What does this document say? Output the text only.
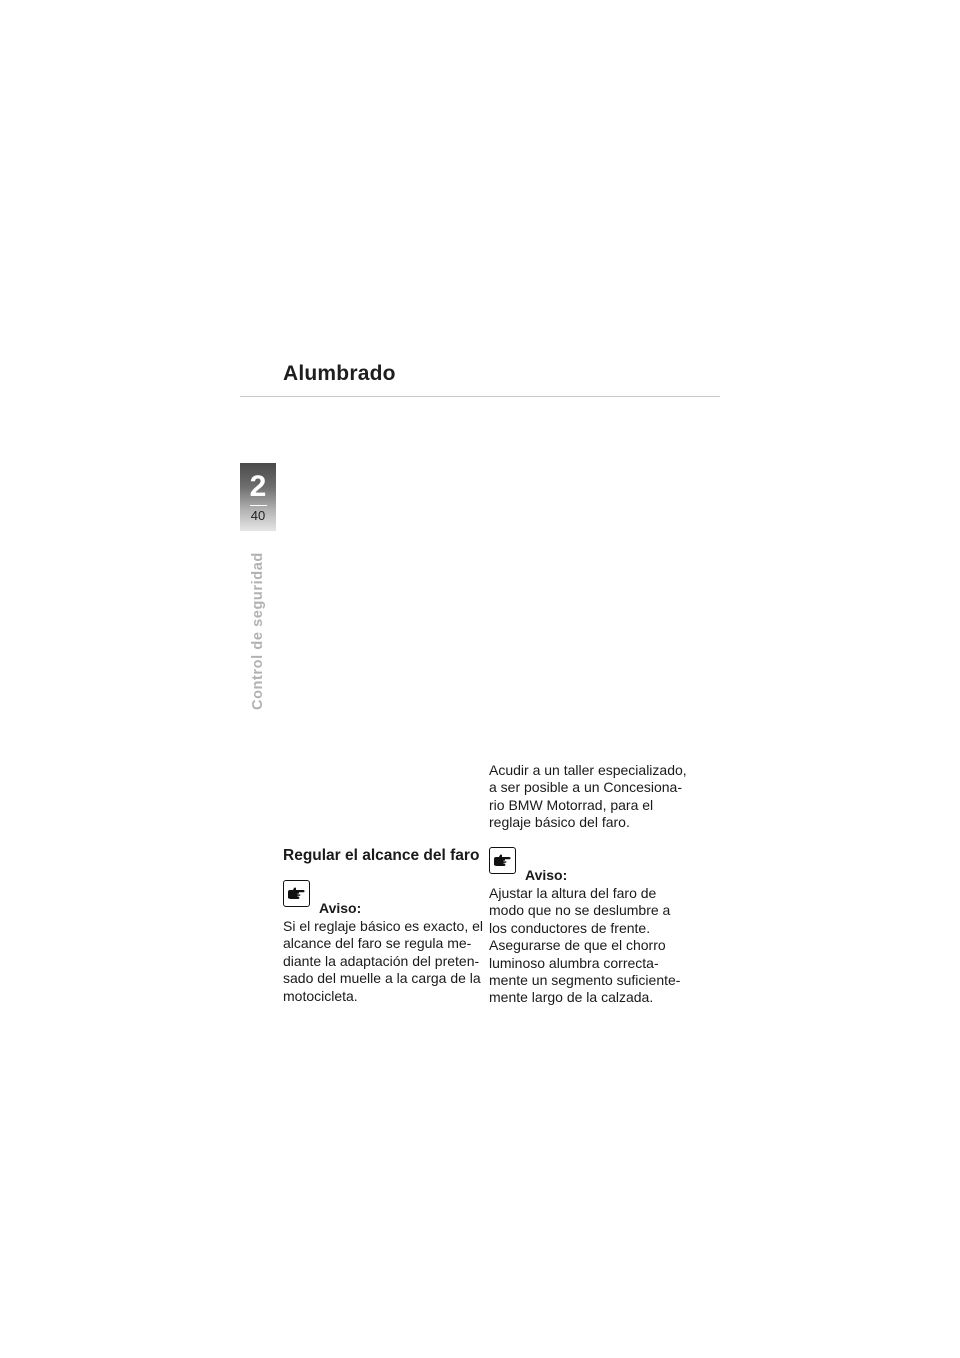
Alumbrado
2
40
Control de seguridad
Acudir a un taller especializado,
a ser posible a un Concesiona-
rio BMW Motorrad, para el
reglaje básico del faro.
Regular el alcance del faro
Aviso:
Si el reglaje básico es exacto, el
alcance del faro se regula me-
diante la adaptación del preten-
sado del muelle a la carga de la
motocicleta.
Aviso:
Ajustar la altura del faro de
modo que no se deslumbre a
los conductores de frente.
Asegurarse de que el chorro
luminoso alumbra correcta-
mente un segmento suficiente-
mente largo de la calzada.
